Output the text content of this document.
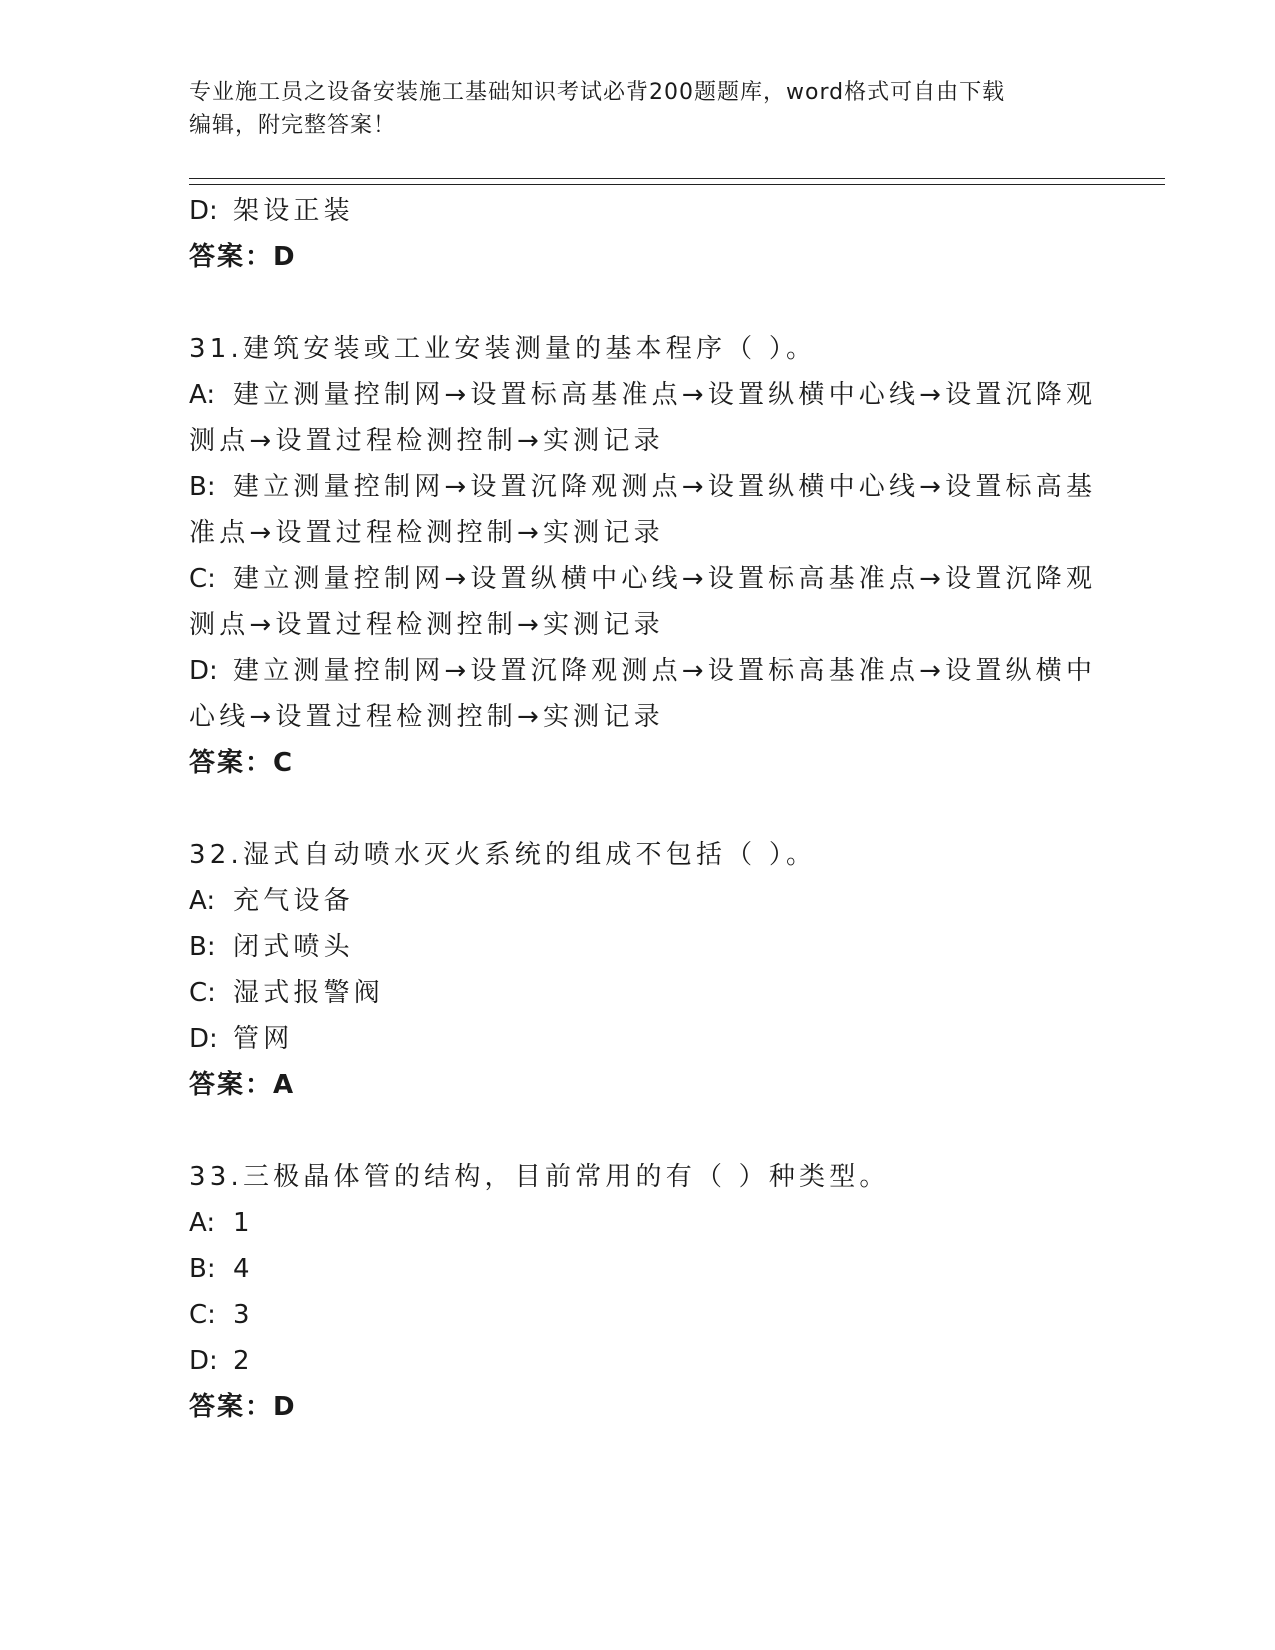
专业施工员之设备安装施工基础知识考试必背200题题库，word格式可自由下载
编辑，附完整答案！
D: 架设正装
答案：D
31.建筑安装或工业安装测量的基本程序（ ）。
A: 建立测量控制网→设置标高基准点→设置纵横中心线→设置沉降观
测点→设置过程检测控制→实测记录
B: 建立测量控制网→设置沉降观测点→设置纵横中心线→设置标高基
准点→设置过程检测控制→实测记录
C: 建立测量控制网→设置纵横中心线→设置标高基准点→设置沉降观
测点→设置过程检测控制→实测记录
D: 建立测量控制网→设置沉降观测点→设置标高基准点→设置纵横中
心线→设置过程检测控制→实测记录
答案：C
32.湿式自动喷水灭火系统的组成不包括（ ）。
A: 充气设备
B: 闭式喷头
C: 湿式报警阀
D: 管网
答案：A
33.三极晶体管的结构，目前常用的有（ ）种类型。
A: 1
B: 4
C: 3
D: 2
答案：D
